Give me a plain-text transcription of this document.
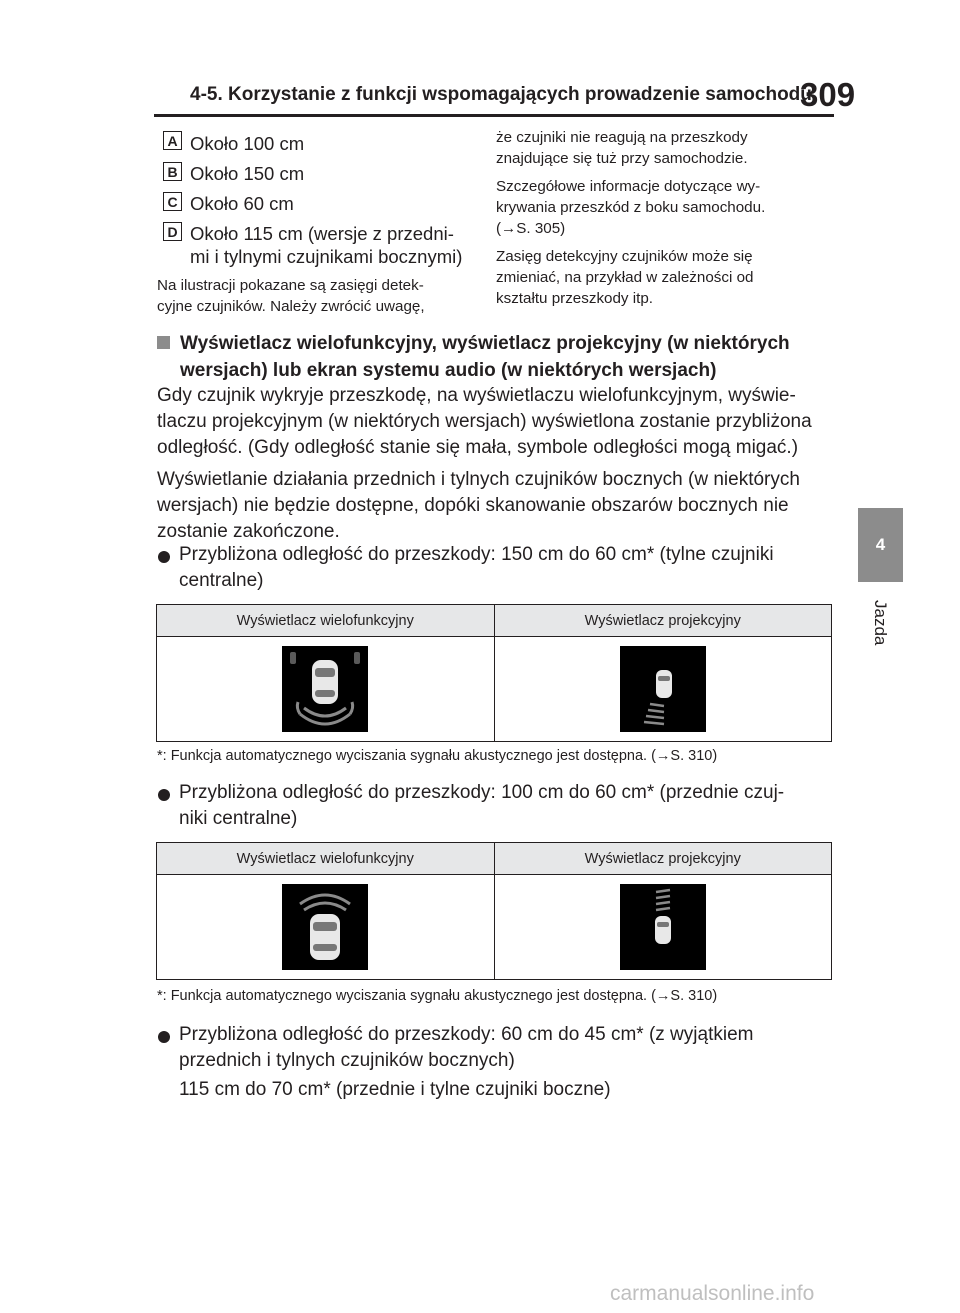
4-5. Korzystanie z funkcji wspomagających prowadzenie samochodu
309
4
Jazda
A Około 100 cm
B Około 150 cm
C Około 60 cm
D Około 115 cm (wersje z przedni-
mi i tylnymi czujnikami bocznymi)
Na ilustracji pokazane są zasięgi detek-
cyjne czujników. Należy zwrócić uwagę,

że czujniki nie reagują na przeszkody
znajdujące się tuż przy samochodzie.

Szczegółowe informacje dotyczące wy-
krywania przeszkód z boku samochodu.
(→S. 305)

Zasięg detekcyjny czujników może się
zmieniać, na przykład w zależności od
kształtu przeszkody itp.

Wyświetlacz wielofunkcyjny, wyświetlacz projekcyjny (w niektórych
wersjach) lub ekran systemu audio (w niektórych wersjach)

Gdy czujnik wykryje przeszkodę, na wyświetlaczu wielofunkcyjnym, wyświe-
tlaczu projekcyjnym (w niektórych wersjach) wyświetlona zostanie przybliżona
odległość. (Gdy odległość stanie się mała, symbole odległości mogą migać.)

Wyświetlanie działania przednich i tylnych czujników bocznych (w niektórych
wersjach) nie będzie dostępne, dopóki skanowanie obszarów bocznych nie
zostanie zakończone.

Przybliżona odległość do przeszkody: 150 cm do 60 cm* (tylne czujniki
centralne)
Wyświetlacz wielofunkcyjny	Wyświetlacz projekcyjny

*: Funkcja automatycznego wyciszania sygnału akustycznego jest dostępna. (→S. 310)
Przybliżona odległość do przeszkody: 100 cm do 60 cm* (przednie czuj-
niki centralne)
Wyświetlacz wielofunkcyjny	Wyświetlacz projekcyjny

*: Funkcja automatycznego wyciszania sygnału akustycznego jest dostępna. (→S. 310)
Przybliżona odległość do przeszkody: 60 cm do 45 cm* (z wyjątkiem
przednich i tylnych czujników bocznych)
115 cm do 70 cm* (przednie i tylne czujniki boczne)
carmanualsonline.info
